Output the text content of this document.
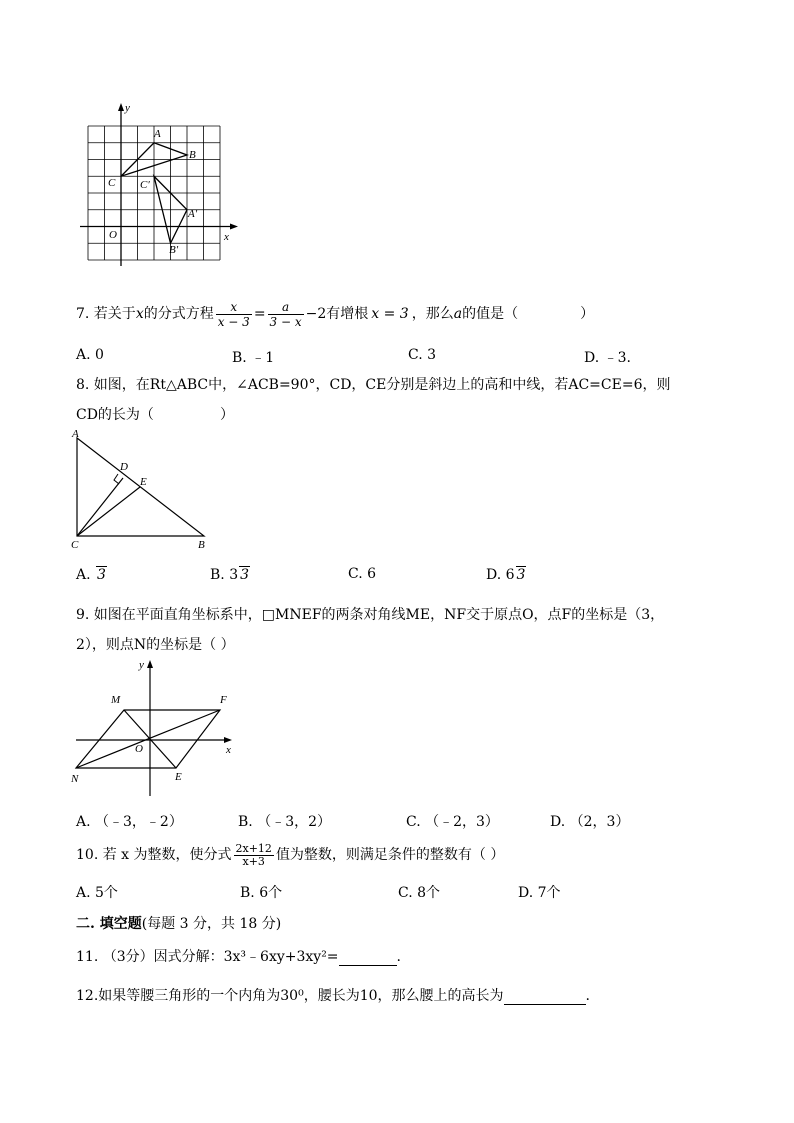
y
x
A
B
C
O
C′
A′
B′
7. 若关于x的分式方程 $\frac{x}{x - 3} = \frac{a}{3 - x} -2$有增根 x = 3 ，那么a的值是（	）
A. 0	B. ﹣1	C. 3	D. ﹣3.
8. 如图，在Rt△ABC中，∠ACB=90°，CD，CE分别是斜边上的高和中线，若AC=CE=6，则
CD的长为（	）
A
D
E
C	B
A. 3	B. 3 3	C. 6	D. 6 3
9. 如图在平面直角坐标系中，□MNEF的两条对角线ME，NF交于原点O，点F的坐标是（3，
2），则点N的坐标是（ ）
y
x
M	F
O
N	E
A. （﹣3，﹣2）	B. （﹣3，2）	C. （﹣2，3）	D. （2，3）
10. 若 x 为整数，使分式 $\frac{2x+12}{x+3}$ 值为整数，则满足条件的整数有（ ）
A. 5个	B. 6个	C. 8个	D. 7个
二. 填空题(每题 3 分，共 18 分)
11. （3分）因式分解：3x³﹣6xy+3xy²=	.
12.如果等腰三角形的一个内角为30⁰，腰长为10，那么腰上的高长为	.
